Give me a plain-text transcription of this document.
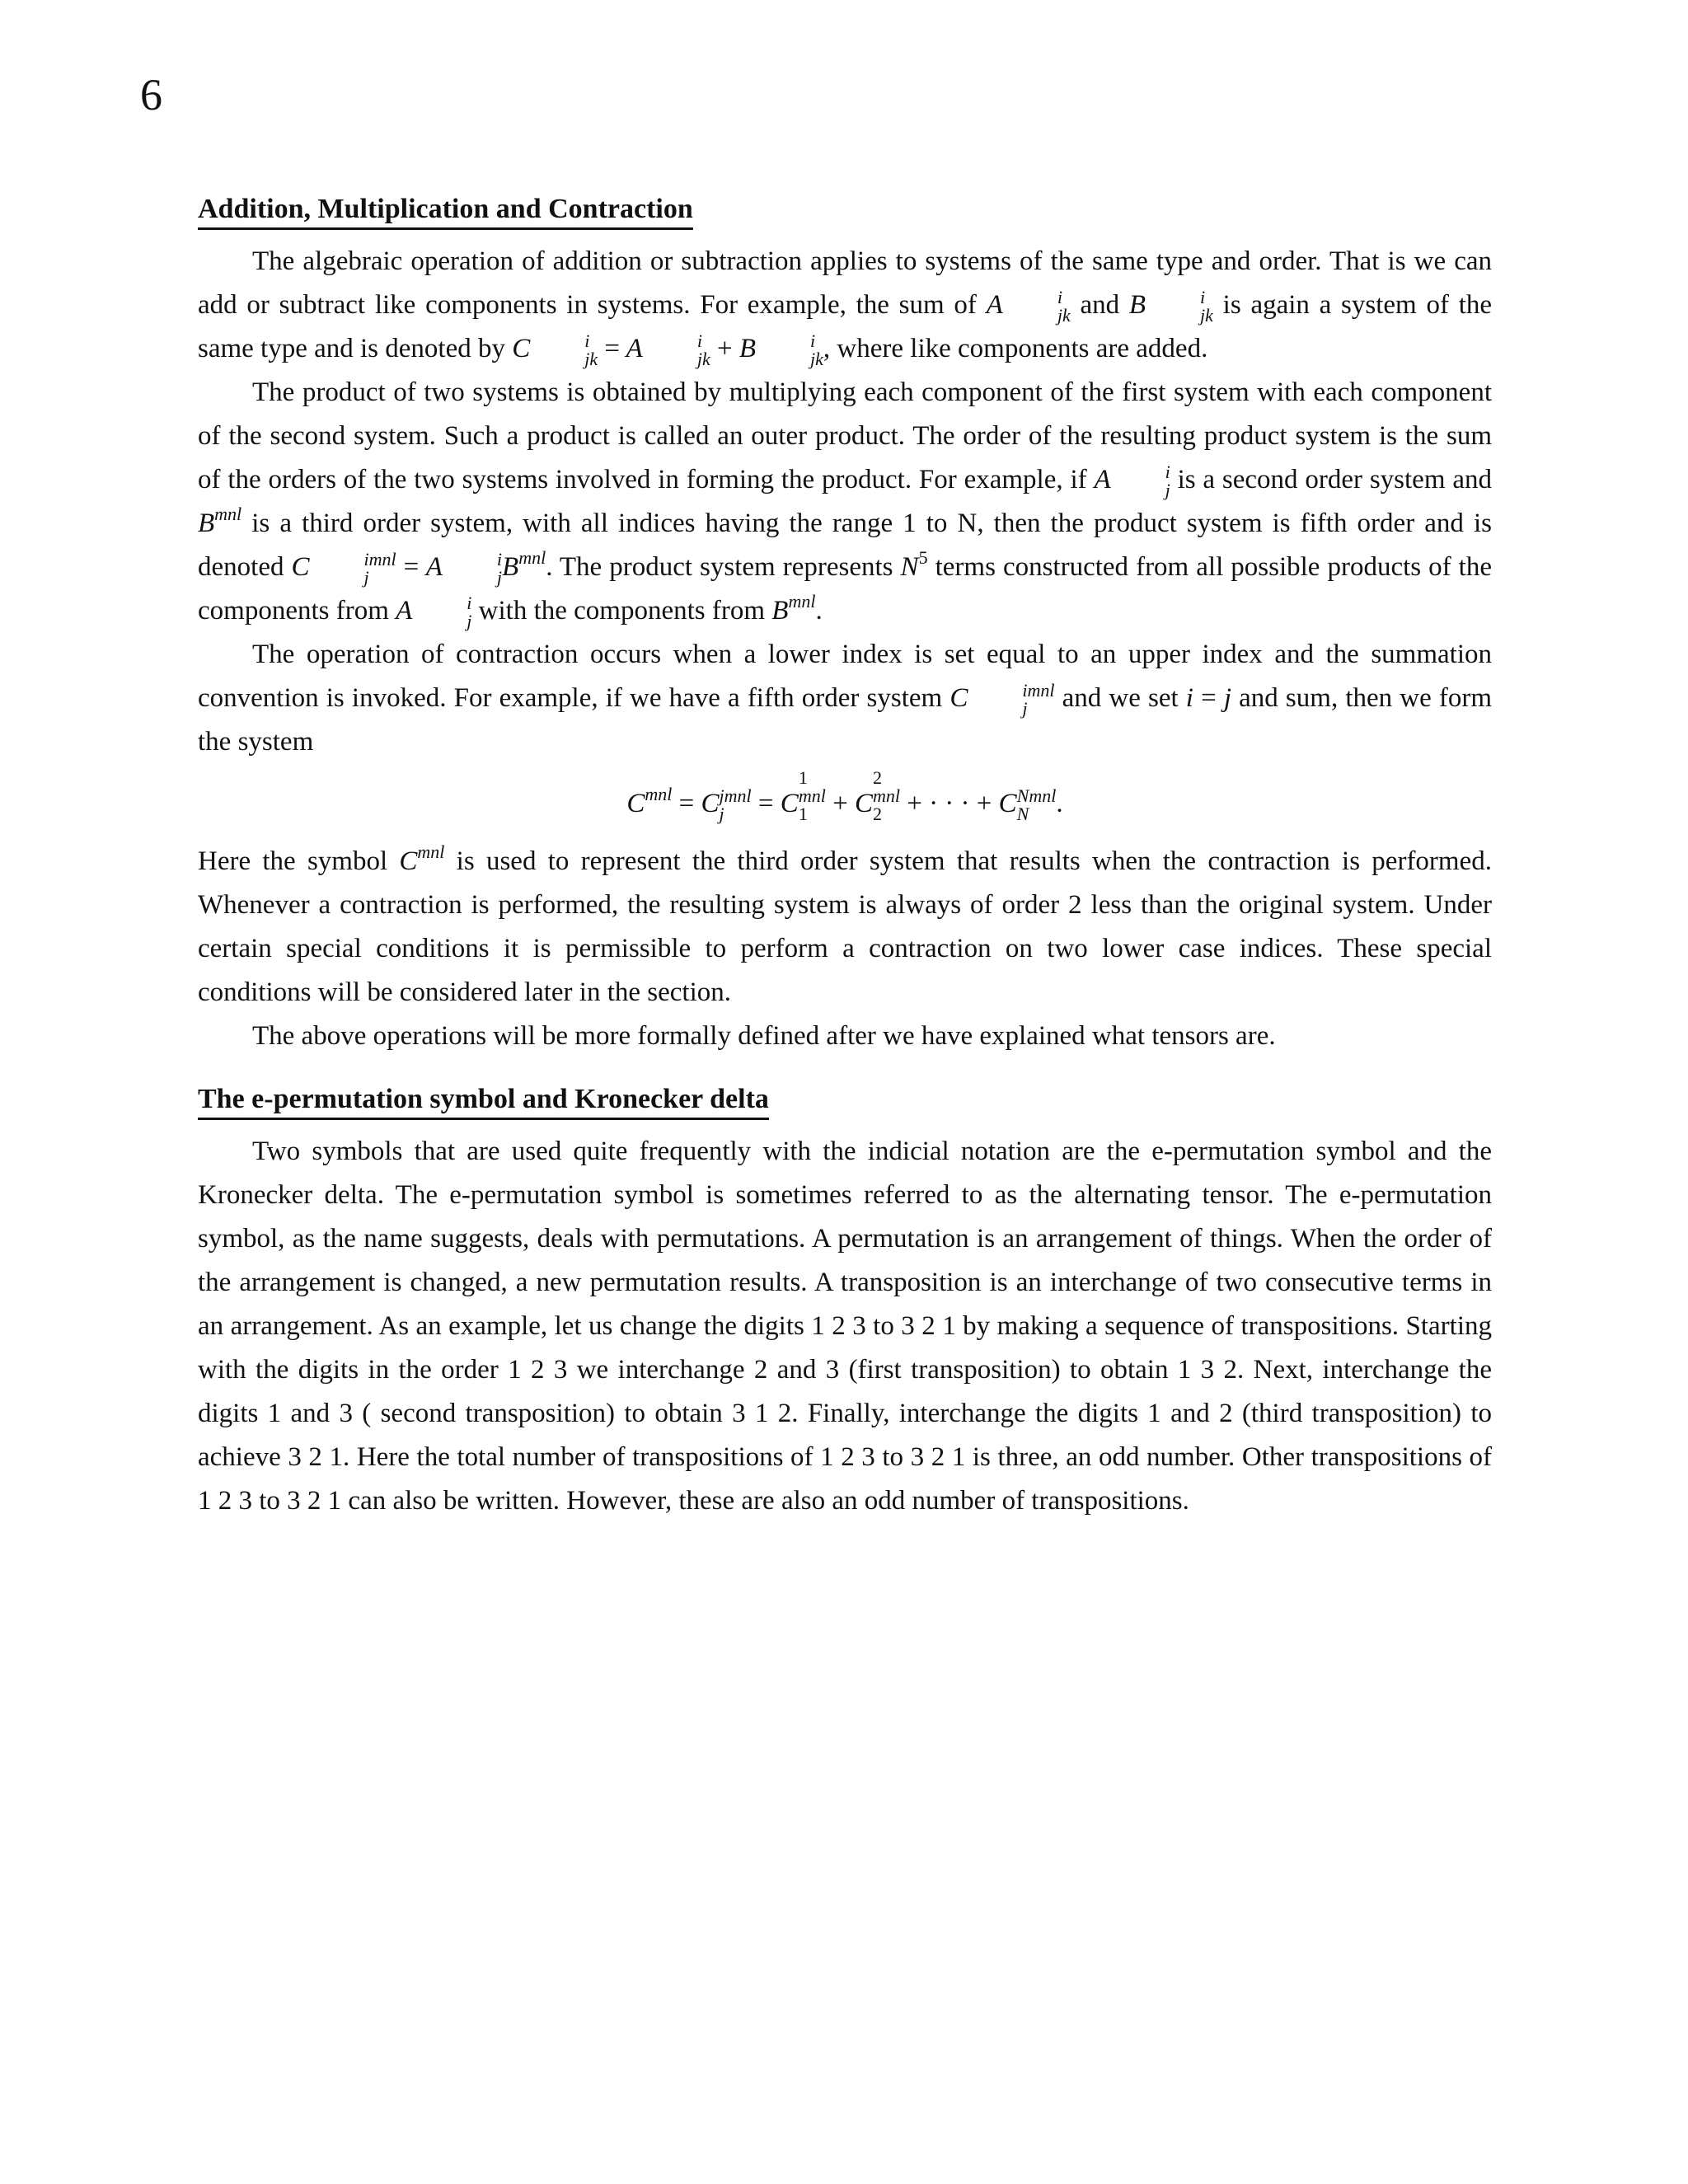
6
Addition, Multiplication and Contraction

The algebraic operation of addition or subtraction applies to systems of the same type and order. That is we can add or subtract like components in systems. For example, the sum of A	i
jk and B	i
jk is again a system of the same type and is denoted by C	i
jk = A	i
jk + B	i
jk , where like components are added.

The product of two systems is obtained by multiplying each component of the first system with each component of the second system. Such a product is called an outer product. The order of the resulting product system is the sum of the orders of the two systems involved in forming the product. For example, if A	i
j is a second order system and $B^{mnl}$ is a third order system, with all indices having the range 1 to N, then the product system is fifth order and is denoted C	imnl
j	= A	i
j $B^{mnl}$. The product system represents $N^5$ terms constructed from all possible products of the components from A	i
j with the components from $B^{mnl}$.

The operation of contraction occurs when a lower index is set equal to an upper index and the summation convention is invoked. For example, if we have a fifth order system C	imnl
j	and we set i = j and sum, then we form the system

$C^{mnl} = C$ jmnl
j	= C
1
mnl
1 + C
2
mnl
2 + · · · + C Nmnl
N	.

Here the symbol $C^{mnl}$ is used to represent the third order system that results when the contraction is performed. Whenever a contraction is performed, the resulting system is always of order 2 less than the original system. Under certain special conditions it is permissible to perform a contraction on two lower case indices. These special conditions will be considered later in the section.

The above operations will be more formally defined after we have explained what tensors are.

The e-permutation symbol and Kronecker delta

Two symbols that are used quite frequently with the indicial notation are the e-permutation symbol and the Kronecker delta. The e-permutation symbol is sometimes referred to as the alternating tensor. The e-permutation symbol, as the name suggests, deals with permutations. A permutation is an arrangement of things. When the order of the arrangement is changed, a new permutation results. A transposition is an interchange of two consecutive terms in an arrangement. As an example, let us change the digits 1 2 3 to 3 2 1 by making a sequence of transpositions. Starting with the digits in the order 1 2 3 we interchange 2 and 3 (first transposition) to obtain 1 3 2. Next, interchange the digits 1 and 3 ( second transposition) to obtain 3 1 2. Finally, interchange the digits 1 and 2 (third transposition) to achieve 3 2 1. Here the total number of transpositions of 1 2 3 to 3 2 1 is three, an odd number. Other transpositions of 1 2 3 to 3 2 1 can also be written. However, these are also an odd number of transpositions.
